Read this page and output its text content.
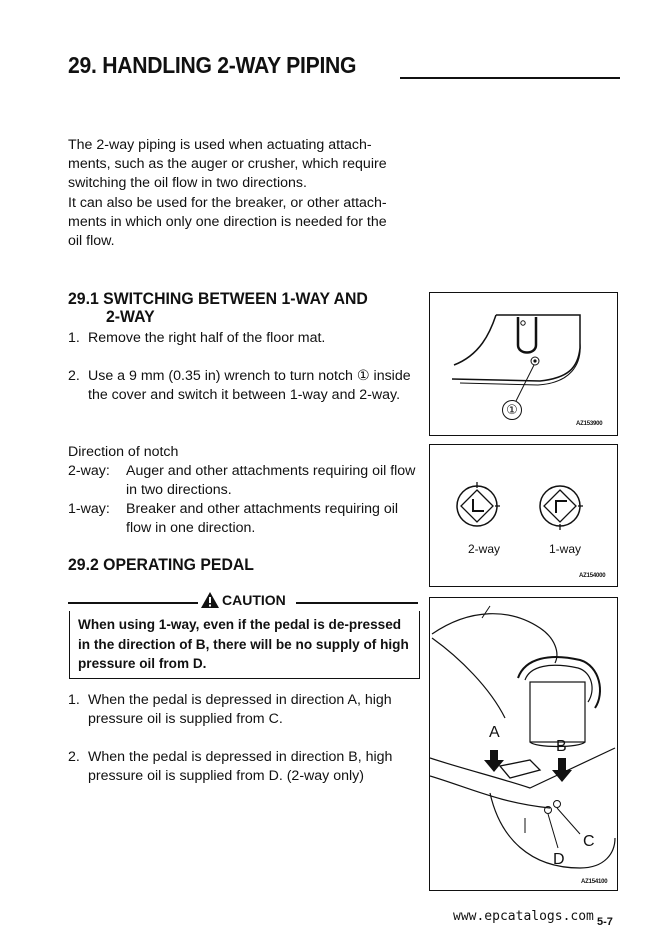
29. HANDLING 2-WAY PIPING

The 2-way piping is used when actuating attach-

ments, such as the auger or crusher, which require

switching the oil flow in two directions.

It can also be used for the breaker, or other attach-

ments in which only one direction is needed for the

oil flow.

29.1 SWITCHING BETWEEN 1-WAY AND
2-WAY
1. Remove the right half of the floor mat.
2. Use a 9 mm (0.35 in) wrench to turn notch ① inside the cover and switch it between 1-way and 2-way.

Direction of notch

2-way: Auger and other attachments requiring oil flow in two directions.
1-way: Breaker and other attachments requiring oil flow in one direction.
29.2 OPERATING PEDAL
CAUTION
When using 1-way, even if the pedal is de-pressed in the direction of B, there will be no supply of high pressure oil from D.
1. When the pedal is depressed in direction A, high pressure oil is supplied from C.
2. When the pedal is depressed in direction B, high pressure oil is supplied from D. (2-way only)
①
AZ153900
2-way	1-way
AZ154000
A
B
C
D
AZ154100
www.epcatalogs.com 5-7
